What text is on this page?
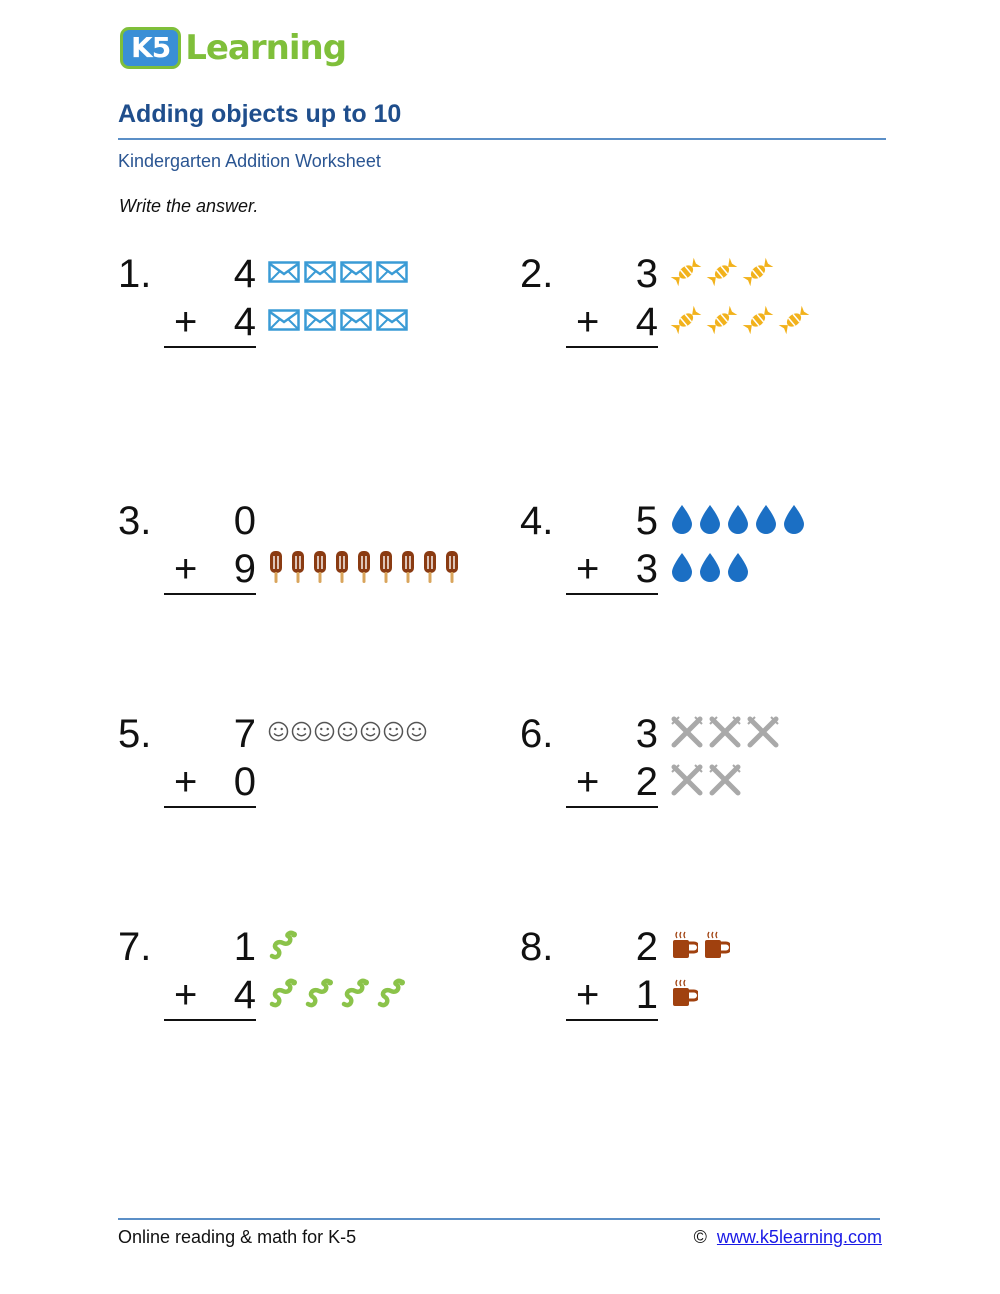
K5 Learning
Adding objects up to 10
Kindergarten Addition Worksheet
Write the answer.
1. 4
+ 4
2. 3
+ 4
3. 0
+ 9
4. 5
+ 3
5. 7
+ 0
6. 3
+ 2
7. 1
+ 4
8. 2
+ 1
Online reading & math for K-5	© www.k5learning.com
